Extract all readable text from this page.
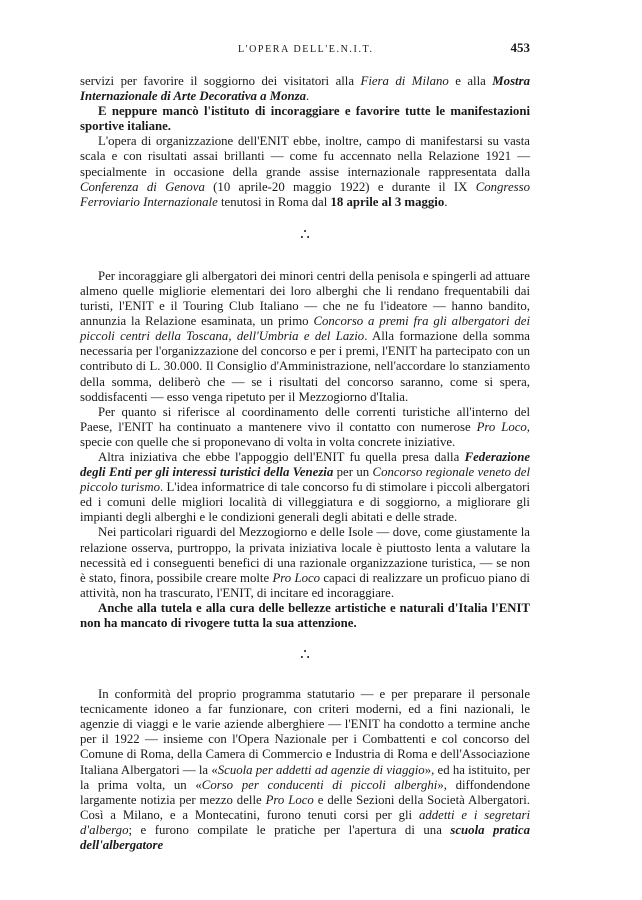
L'OPERA DELL'E.N.I.T.	453

servizi per favorire il soggiorno dei visitatori alla Fiera di Milano e alla Mostra Internazionale di Arte Decorativa a Monza.

E neppure mancò l'istituto di incoraggiare e favorire tutte le manifestazioni sportive italiane.

L'opera di organizzazione dell'ENIT ebbe, inoltre, campo di manifestarsi su vasta scala e con risultati assai brillanti — come fu accennato nella Relazione 1921 — specialmente in occasione della grande assise internazionale rappresentata dalla Conferenza di Genova (10 aprile-20 maggio 1922) e durante il IX Congresso Ferroviario Internazionale tenutosi in Roma dal 18 aprile al 3 maggio.

∴

Per incoraggiare gli albergatori dei minori centri della penisola e spingerli ad attuare almeno quelle migliorie elementari dei loro alberghi che li rendano frequentabili dai turisti, l'ENIT e il Touring Club Italiano — che ne fu l'ideatore — hanno bandito, annunzia la Relazione esaminata, un primo Concorso a premi fra gli albergatori dei piccoli centri della Toscana, dell'Umbria e del Lazio. Alla formazione della somma necessaria per l'organizzazione del concorso e per i premi, l'ENIT ha partecipato con un contributo di L. 30.000. Il Consiglio d'Amministrazione, nell'accordare lo stanziamento della somma, deliberò che — se i risultati del concorso saranno, come si spera, soddisfacenti — esso venga ripetuto per il Mezzogiorno d'Italia.

Per quanto si riferisce al coordinamento delle correnti turistiche all'interno del Paese, l'ENIT ha continuato a mantenere vivo il contatto con numerose Pro Loco, specie con quelle che si proponevano di volta in volta concrete iniziative.

Altra iniziativa che ebbe l'appoggio dell'ENIT fu quella presa dalla Federazione degli Enti per gli interessi turistici della Venezia per un Concorso regionale veneto del piccolo turismo. L'idea informatrice di tale concorso fu di stimolare i piccoli albergatori ed i comuni delle migliori località di villeggiatura e di soggiorno, a migliorare gli impianti degli alberghi e le condizioni generali degli abitati e delle strade.

Nei particolari riguardi del Mezzogiorno e delle Isole — dove, come giustamente la relazione osserva, purtroppo, la privata iniziativa locale è piuttosto lenta a valutare la necessità ed i conseguenti benefici di una razionale organizzazione turistica, — se non è stato, finora, possibile creare molte Pro Loco capaci di realizzare un proficuo piano di attività, non ha trascurato, l'ENIT, di incitare ed incoraggiare.

Anche alla tutela e alla cura delle bellezze artistiche e naturali d'Italia l'ENIT non ha mancato di rivogere tutta la sua attenzione.

∴

In conformità del proprio programma statutario — e per preparare il personale tecnicamente idoneo a far funzionare, con criteri moderni, ed a fini nazionali, le agenzie di viaggi e le varie aziende alberghiere — l'ENIT ha condotto a termine anche per il 1922 — insieme con l'Opera Nazionale per i Combattenti e col concorso del Comune di Roma, della Camera di Commercio e Industria di Roma e dell'Associazione Italiana Albergatori — la «Scuola per addetti ad agenzie di viaggio», ed ha istituito, per la prima volta, un «Corso per conducenti di piccoli alberghi», diffondendone largamente notizia per mezzo delle Pro Loco e delle Sezioni della Società Albergatori. Così a Milano, e a Montecatini, furono tenuti corsi per gli addetti e i segretari d'albergo; e furono compilate le pratiche per l'apertura di una scuola pratica dell'albergatore
